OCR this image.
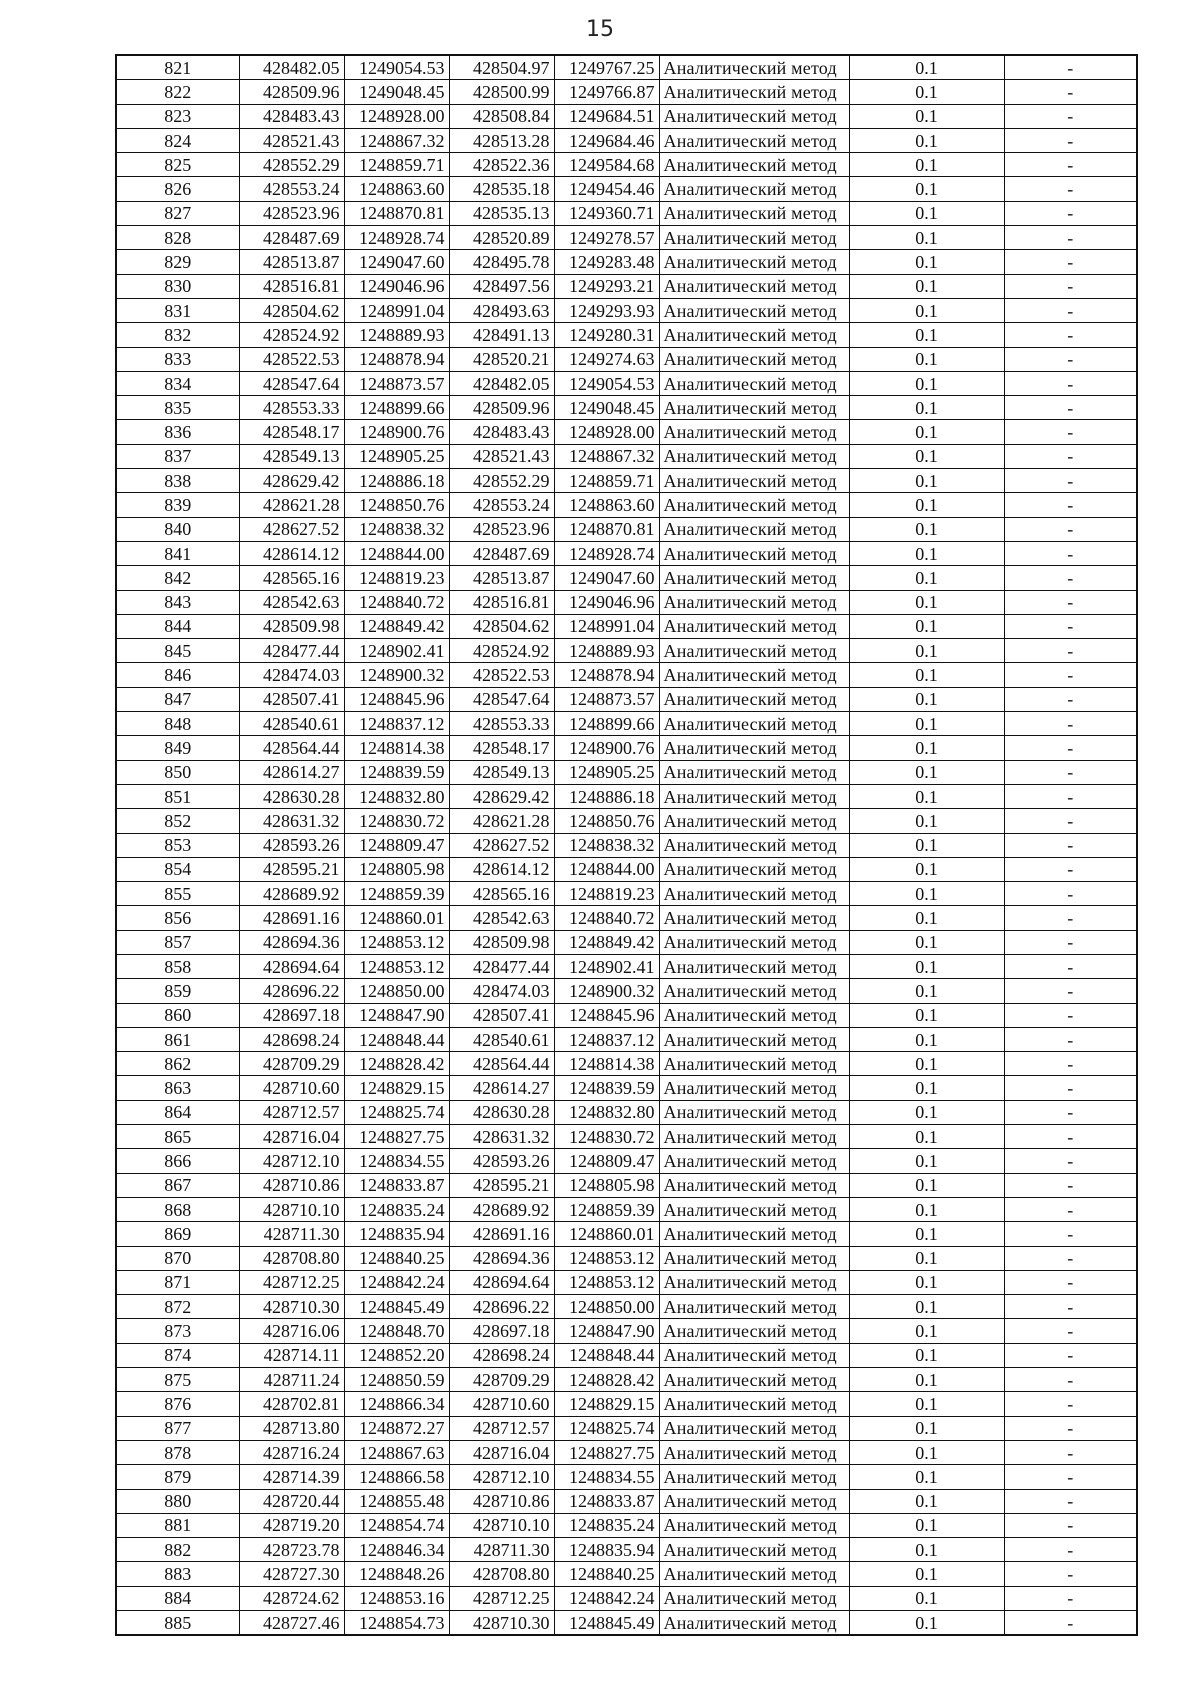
15
821	428482.05	1249054.53	428504.97	1249767.25	Аналитический метод	0.1	-
822	428509.96	1249048.45	428500.99	1249766.87	Аналитический метод	0.1	-
823	428483.43	1248928.00	428508.84	1249684.51	Аналитический метод	0.1	-
824	428521.43	1248867.32	428513.28	1249684.46	Аналитический метод	0.1	-
825	428552.29	1248859.71	428522.36	1249584.68	Аналитический метод	0.1	-
826	428553.24	1248863.60	428535.18	1249454.46	Аналитический метод	0.1	-
827	428523.96	1248870.81	428535.13	1249360.71	Аналитический метод	0.1	-
828	428487.69	1248928.74	428520.89	1249278.57	Аналитический метод	0.1	-
829	428513.87	1249047.60	428495.78	1249283.48	Аналитический метод	0.1	-
830	428516.81	1249046.96	428497.56	1249293.21	Аналитический метод	0.1	-
831	428504.62	1248991.04	428493.63	1249293.93	Аналитический метод	0.1	-
832	428524.92	1248889.93	428491.13	1249280.31	Аналитический метод	0.1	-
833	428522.53	1248878.94	428520.21	1249274.63	Аналитический метод	0.1	-
834	428547.64	1248873.57	428482.05	1249054.53	Аналитический метод	0.1	-
835	428553.33	1248899.66	428509.96	1249048.45	Аналитический метод	0.1	-
836	428548.17	1248900.76	428483.43	1248928.00	Аналитический метод	0.1	-
837	428549.13	1248905.25	428521.43	1248867.32	Аналитический метод	0.1	-
838	428629.42	1248886.18	428552.29	1248859.71	Аналитический метод	0.1	-
839	428621.28	1248850.76	428553.24	1248863.60	Аналитический метод	0.1	-
840	428627.52	1248838.32	428523.96	1248870.81	Аналитический метод	0.1	-
841	428614.12	1248844.00	428487.69	1248928.74	Аналитический метод	0.1	-
842	428565.16	1248819.23	428513.87	1249047.60	Аналитический метод	0.1	-
843	428542.63	1248840.72	428516.81	1249046.96	Аналитический метод	0.1	-
844	428509.98	1248849.42	428504.62	1248991.04	Аналитический метод	0.1	-
845	428477.44	1248902.41	428524.92	1248889.93	Аналитический метод	0.1	-
846	428474.03	1248900.32	428522.53	1248878.94	Аналитический метод	0.1	-
847	428507.41	1248845.96	428547.64	1248873.57	Аналитический метод	0.1	-
848	428540.61	1248837.12	428553.33	1248899.66	Аналитический метод	0.1	-
849	428564.44	1248814.38	428548.17	1248900.76	Аналитический метод	0.1	-
850	428614.27	1248839.59	428549.13	1248905.25	Аналитический метод	0.1	-
851	428630.28	1248832.80	428629.42	1248886.18	Аналитический метод	0.1	-
852	428631.32	1248830.72	428621.28	1248850.76	Аналитический метод	0.1	-
853	428593.26	1248809.47	428627.52	1248838.32	Аналитический метод	0.1	-
854	428595.21	1248805.98	428614.12	1248844.00	Аналитический метод	0.1	-
855	428689.92	1248859.39	428565.16	1248819.23	Аналитический метод	0.1	-
856	428691.16	1248860.01	428542.63	1248840.72	Аналитический метод	0.1	-
857	428694.36	1248853.12	428509.98	1248849.42	Аналитический метод	0.1	-
858	428694.64	1248853.12	428477.44	1248902.41	Аналитический метод	0.1	-
859	428696.22	1248850.00	428474.03	1248900.32	Аналитический метод	0.1	-
860	428697.18	1248847.90	428507.41	1248845.96	Аналитический метод	0.1	-
861	428698.24	1248848.44	428540.61	1248837.12	Аналитический метод	0.1	-
862	428709.29	1248828.42	428564.44	1248814.38	Аналитический метод	0.1	-
863	428710.60	1248829.15	428614.27	1248839.59	Аналитический метод	0.1	-
864	428712.57	1248825.74	428630.28	1248832.80	Аналитический метод	0.1	-
865	428716.04	1248827.75	428631.32	1248830.72	Аналитический метод	0.1	-
866	428712.10	1248834.55	428593.26	1248809.47	Аналитический метод	0.1	-
867	428710.86	1248833.87	428595.21	1248805.98	Аналитический метод	0.1	-
868	428710.10	1248835.24	428689.92	1248859.39	Аналитический метод	0.1	-
869	428711.30	1248835.94	428691.16	1248860.01	Аналитический метод	0.1	-
870	428708.80	1248840.25	428694.36	1248853.12	Аналитический метод	0.1	-
871	428712.25	1248842.24	428694.64	1248853.12	Аналитический метод	0.1	-
872	428710.30	1248845.49	428696.22	1248850.00	Аналитический метод	0.1	-
873	428716.06	1248848.70	428697.18	1248847.90	Аналитический метод	0.1	-
874	428714.11	1248852.20	428698.24	1248848.44	Аналитический метод	0.1	-
875	428711.24	1248850.59	428709.29	1248828.42	Аналитический метод	0.1	-
876	428702.81	1248866.34	428710.60	1248829.15	Аналитический метод	0.1	-
877	428713.80	1248872.27	428712.57	1248825.74	Аналитический метод	0.1	-
878	428716.24	1248867.63	428716.04	1248827.75	Аналитический метод	0.1	-
879	428714.39	1248866.58	428712.10	1248834.55	Аналитический метод	0.1	-
880	428720.44	1248855.48	428710.86	1248833.87	Аналитический метод	0.1	-
881	428719.20	1248854.74	428710.10	1248835.24	Аналитический метод	0.1	-
882	428723.78	1248846.34	428711.30	1248835.94	Аналитический метод	0.1	-
883	428727.30	1248848.26	428708.80	1248840.25	Аналитический метод	0.1	-
884	428724.62	1248853.16	428712.25	1248842.24	Аналитический метод	0.1	-
885	428727.46	1248854.73	428710.30	1248845.49	Аналитический метод	0.1	-
